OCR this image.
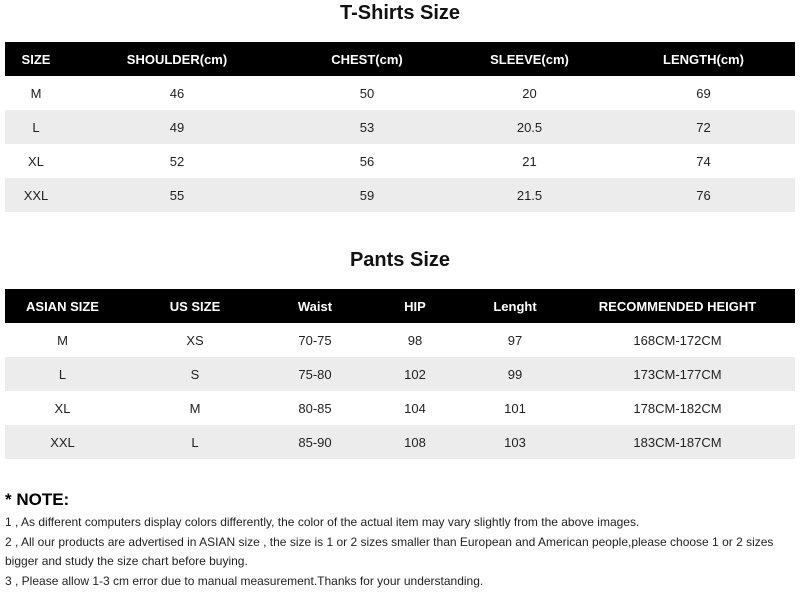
T-Shirts Size
SIZE	SHOULDER(cm)	CHEST(cm)	SLEEVE(cm)	LENGTH(cm)
M	46	50	20	69
L	49	53	20.5	72
XL	52	56	21	74
XXL	55	59	21.5	76
Pants Size
ASIAN SIZE	US SIZE	Waist	HIP	Lenght	RECOMMENDED HEIGHT
M	XS	70-75	98	97	168CM-172CM
L	S	75-80	102	99	173CM-177CM
XL	M	80-85	104	101	178CM-182CM
XXL	L	85-90	108	103	183CM-187CM
* NOTE:
1 , As different computers display colors differently, the color of the actual item may vary slightly from the above images.
2 , All our products are advertised in ASIAN size , the size is 1 or 2 sizes smaller than European and American people,please choose 1 or 2 sizes bigger and study the size chart before buying.
3 , Please allow 1-3 cm error due to manual measurement.Thanks for your understanding.
